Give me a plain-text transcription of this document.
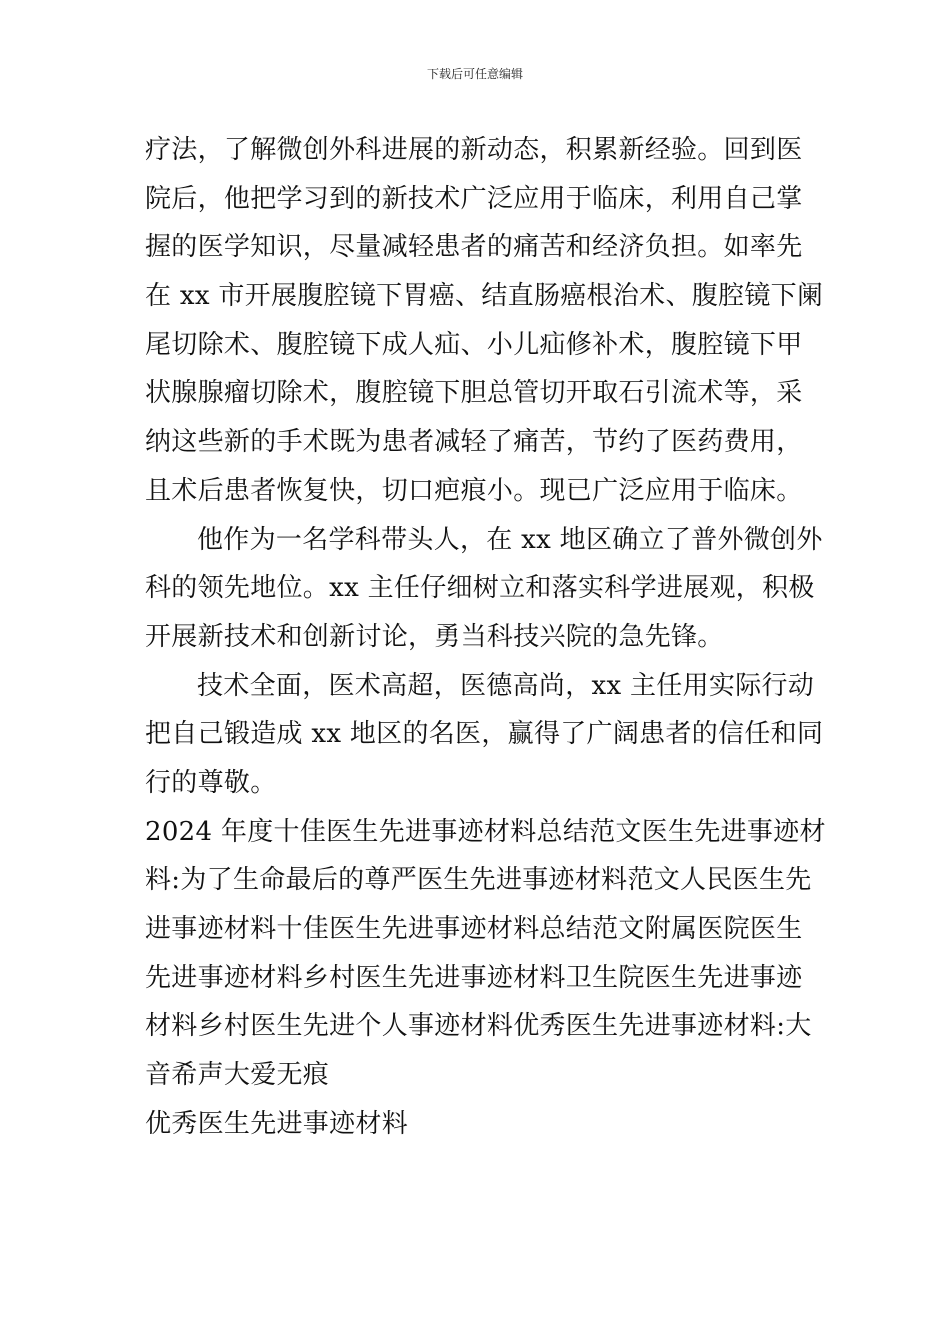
下载后可任意编辑
疗法，了解微创外科进展的新动态，积累新经验。回到医
院后，他把学习到的新技术广泛应用于临床，利用自己掌
握的医学知识，尽量减轻患者的痛苦和经济负担。如率先
在 xx 市开展腹腔镜下胃癌、结直肠癌根治术、腹腔镜下阑
尾切除术、腹腔镜下成人疝、小儿疝修补术，腹腔镜下甲
状腺腺瘤切除术，腹腔镜下胆总管切开取石引流术等，采
纳这些新的手术既为患者减轻了痛苦，节约了医药费用，
且术后患者恢复快，切口疤痕小。现已广泛应用于临床。
他作为一名学科带头人，在 xx 地区确立了普外微创外
科的领先地位。xx 主任仔细树立和落实科学进展观，积极
开展新技术和创新讨论，勇当科技兴院的急先锋。
技术全面，医术高超，医德高尚，xx 主任用实际行动
把自己锻造成 xx 地区的名医，赢得了广阔患者的信任和同
行的尊敬。
2024 年度十佳医生先进事迹材料总结范文医生先进事迹材
料:为了生命最后的尊严医生先进事迹材料范文人民医生先
进事迹材料十佳医生先进事迹材料总结范文附属医院医生
先进事迹材料乡村医生先进事迹材料卫生院医生先进事迹
材料乡村医生先进个人事迹材料优秀医生先进事迹材料:大
音希声大爱无痕
优秀医生先进事迹材料
